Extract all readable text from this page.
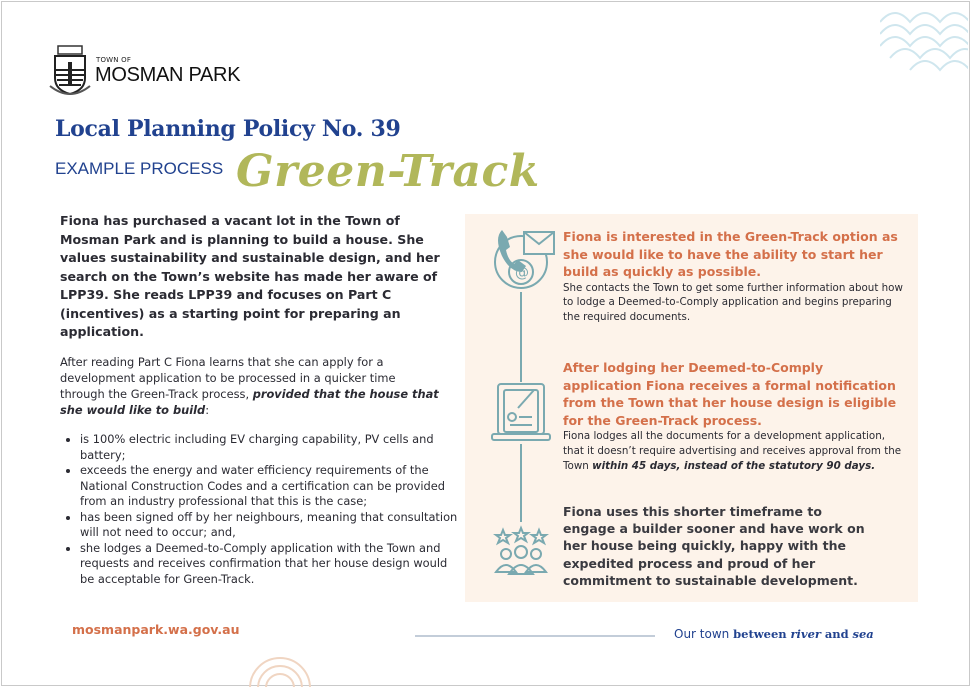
TOWN OF
MOSMAN PARK
Local Planning Policy No. 39
EXAMPLE PROCESS Green-Track
Fiona has purchased a vacant lot in the Town of Mosman Park and is planning to build a house. She values sustainability and sustainable design, and her search on the Town’s website has made her aware of LPP39. She reads LPP39 and focuses on Part C (incentives) as a starting point for preparing an application.
After reading Part C Fiona learns that she can apply for a development application to be processed in a quicker time through the Green-Track process, provided that the house that she would like to build:
• is 100% electric including EV charging capability, PV cells and battery;
• exceeds the energy and water efficiency requirements of the National Construction Codes and a certification can be provided from an industry professional that this is the case;
• has been signed off by her neighbours, meaning that consultation will not need to occur; and,
• she lodges a Deemed-to-Comply application with the Town and requests and receives confirmation that her house design would be acceptable for Green-Track.
@
Fiona is interested in the Green-Track option as she would like to have the ability to start her build as quickly as possible.
She contacts the Town to get some further information about how to lodge a Deemed-to-Comply application and begins preparing the required documents.
After lodging her Deemed-to-Comply application Fiona receives a formal notification from the Town that her house design is eligible for the Green-Track process.
Fiona lodges all the documents for a development application, that it doesn’t require advertising and receives approval from the Town within 45 days, instead of the statutory 90 days.
Fiona uses this shorter timeframe to engage a builder sooner and have work on her house being quickly, happy with the expedited process and proud of her commitment to sustainable development.
mosmanpark.wa.gov.au	Our town between river and sea
